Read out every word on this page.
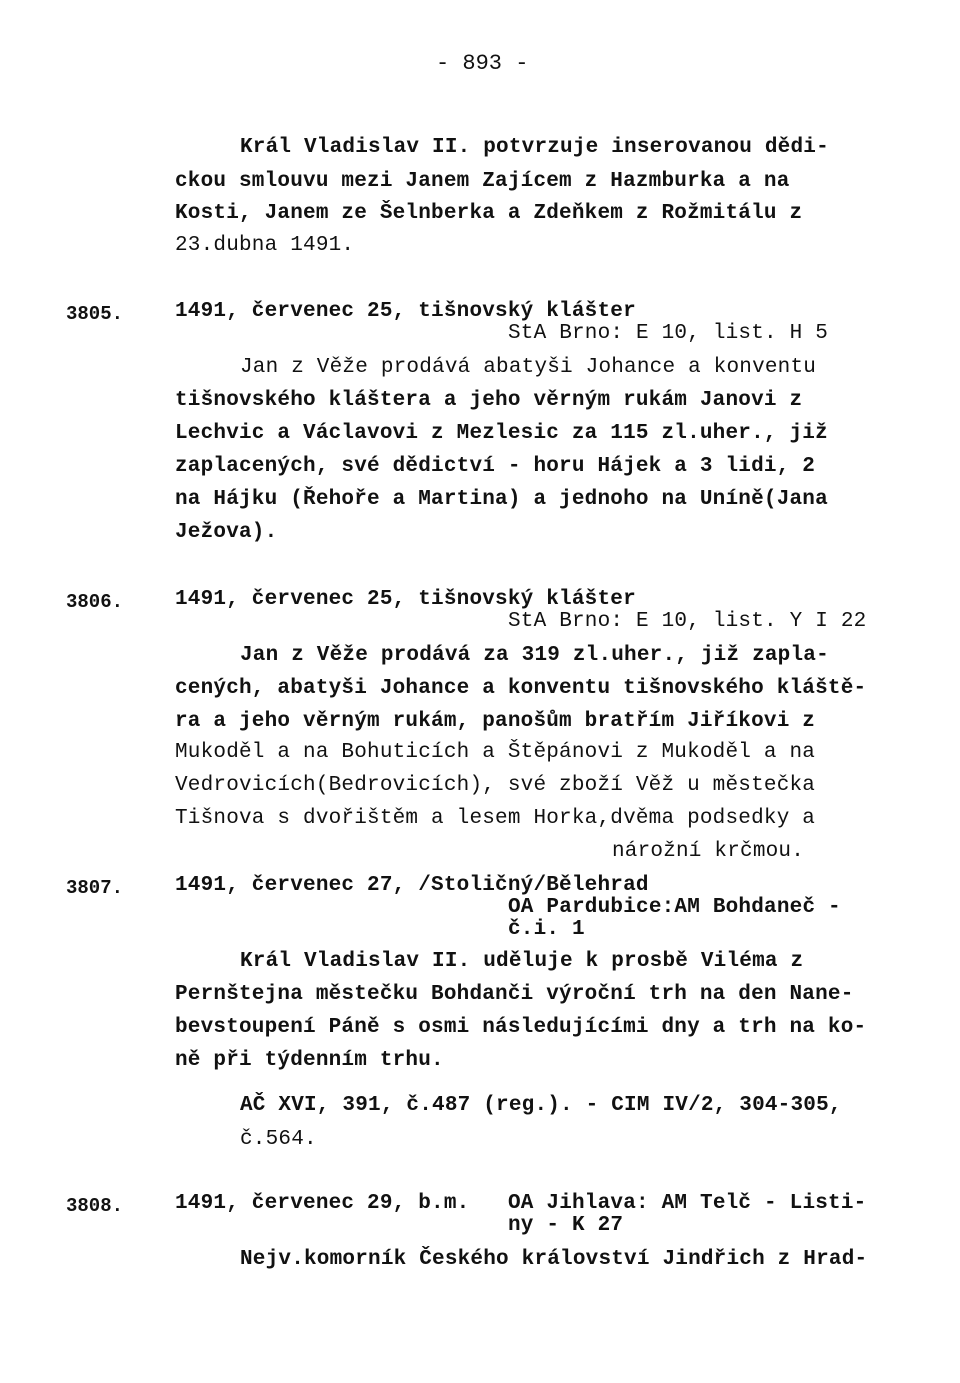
- 893 -
Král Vladislav II. potvrzuje inserovanou dědi-
ckou smlouvu mezi Janem Zajícem z Hazmburka a na
Kosti, Janem ze Šelnberka a Zdeňkem z Rožmitálu z
23.dubna 1491.
3805. 1491, červenec 25, tišnovský klášter
StA Brno: E 10, list. H 5
Jan z Věže prodává abatyši Johance a konventu
tišnovského kláštera a jeho věrným rukám Janovi z
Lechvic a Václavovi z Mezlesic za 115 zl.uher., již
zaplacených, své dědictví - horu Hájek a 3 lidi, 2
na Hájku (Řehoře a Martina) a jednoho na Uníně(Jana
Ježova).
3806. 1491, červenec 25, tišnovský klášter
StA Brno: E 10, list. Y I 22
Jan z Věže prodává za 319 zl.uher., již zapla-
cených, abatyši Johance a konventu tišnovského kláště-
ra a jeho věrným rukám, panošům bratřím Jiříkovi z
Mukoděl a na Bohuticích a Štěpánovi z Mukoděl a na
Vedrovicích(Bedrovicích), své zboží Věž u městečka
Tišnova s dvořištěm a lesem Horka,dvěma podsedky a
nárožní krčmou.
3807. 1491, červenec 27, /Stoličný/Bělehrad
OA Pardubice:AM Bohdaneč -
č.i. 1
Král Vladislav II. uděluje k prosbě Viléma z
Pernštejna městečku Bohdanči výroční trh na den Nane-
bevstoupení Páně s osmi následujícími dny a trh na ko-
ně při týdenním trhu.
AČ XVI, 391, č.487 (reg.). - CIM IV/2, 304-305,
č.564.
3808. 1491, červenec 29, b.m. OA Jihlava: AM Telč - Listi-
ny - K 27
Nejv.komorník Českého království Jindřich z Hrad-
